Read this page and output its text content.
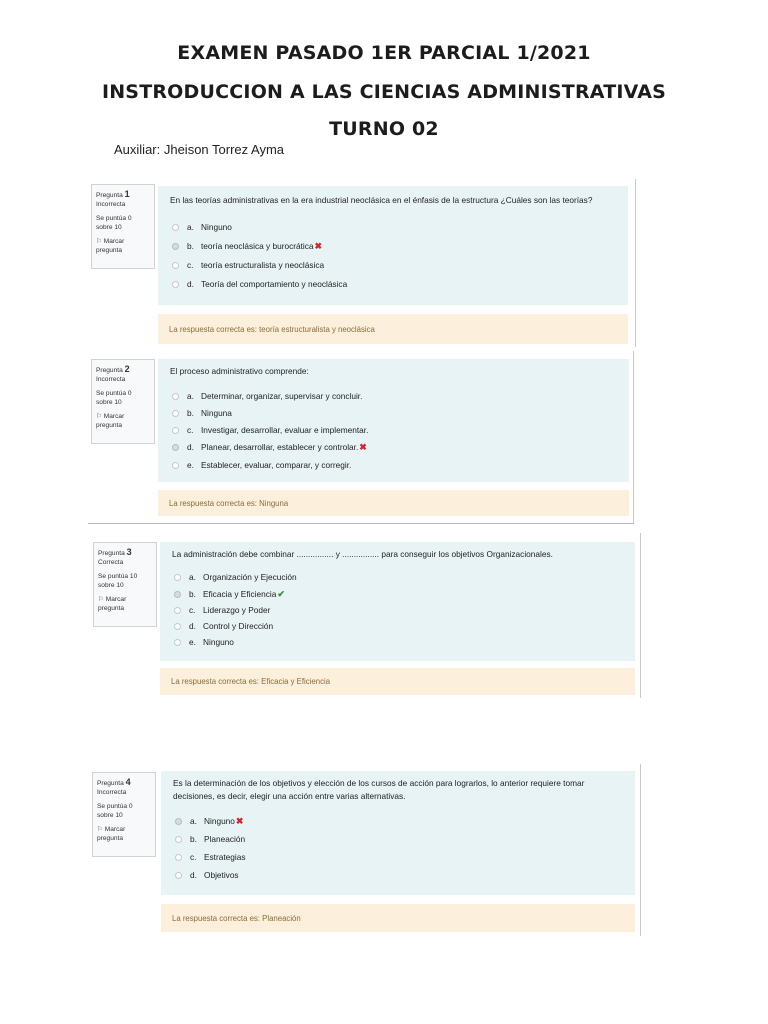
EXAMEN PASADO 1ER PARCIAL 1/2021
INSTRODUCCION A LAS CIENCIAS ADMINISTRATIVAS
TURNO 02
Auxiliar: Jheison Torrez Ayma
Pregunta 1
Incorrecta
Se puntúa 0
sobre 10
⚐ Marcar
pregunta
En las teorías administrativas en la era industrial neoclásica en el énfasis de la estructura ¿Cuáles son las teorías?
a. Ninguno
b. teoría neoclásica y burocrática ✖
c. teoría estructuralista y neoclásica
d. Teoría del comportamiento y neoclásica
La respuesta correcta es: teoría estructuralista y neoclásica
Pregunta 2
Incorrecta
Se puntúa 0
sobre 10
⚐ Marcar
pregunta
El proceso administrativo comprende:
a. Determinar, organizar, supervisar y concluir.
b. Ninguna
c. Investigar, desarrollar, evaluar e implementar.
d. Planear, desarrollar, establecer y controlar. ✖
e. Establecer, evaluar, comparar, y corregir.
La respuesta correcta es: Ninguna
Pregunta 3
Correcta
Se puntúa 10
sobre 10
⚐ Marcar
pregunta
La administración debe combinar ................ y ................ para conseguir los objetivos Organizacionales.
a. Organización y Ejecución
b. Eficacia y Eficiencia ✔
c. Liderazgo y Poder
d. Control y Dirección
e. Ninguno
La respuesta correcta es: Eficacia y Eficiencia
Pregunta 4
Incorrecta
Se puntúa 0
sobre 10
⚐ Marcar
pregunta
Es la determinación de los objetivos y elección de los cursos de acción para lograrlos, lo anterior requiere tomar decisiones, es decir, elegir una acción entre varias alternativas.
a. Ninguno ✖
b. Planeación
c. Estrategias
d. Objetivos
La respuesta correcta es: Planeación
